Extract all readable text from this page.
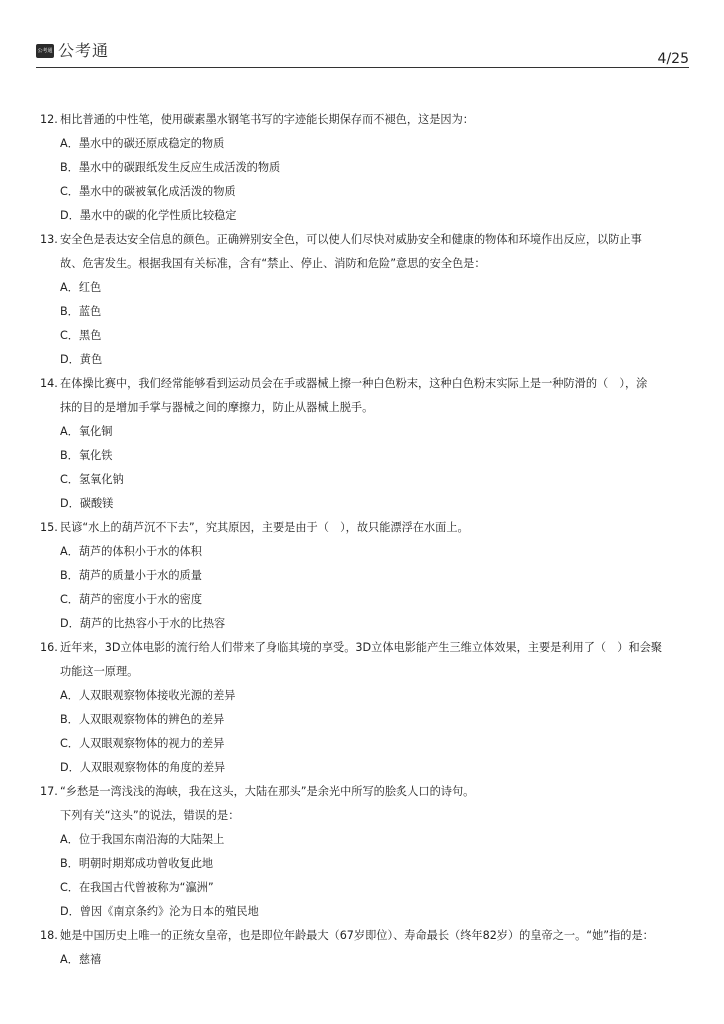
公考通 公考通	4/25
12. 相比普通的中性笔，使用碳素墨水钢笔书写的字迹能长期保存而不褪色，这是因为：
A．墨水中的碳还原成稳定的物质
B．墨水中的碳跟纸发生反应生成活泼的物质
C．墨水中的碳被氧化成活泼的物质
D．墨水中的碳的化学性质比较稳定
13. 安全色是表达安全信息的颜色。正确辨别安全色，可以使人们尽快对威胁安全和健康的物体和环境作出反应，以防止事
故、危害发生。根据我国有关标准，含有“禁止、停止、消防和危险”意思的安全色是：
A．红色
B．蓝色
C．黑色
D．黄色
14. 在体操比赛中，我们经常能够看到运动员会在手或器械上擦一种白色粉末，这种白色粉末实际上是一种防滑的（　），涂
抹的目的是增加手掌与器械之间的摩擦力，防止从器械上脱手。
A．氧化铜
B．氧化铁
C．氢氧化钠
D．碳酸镁
15. 民谚“水上的葫芦沉不下去”，究其原因，主要是由于（　），故只能漂浮在水面上。
A．葫芦的体积小于水的体积
B．葫芦的质量小于水的质量
C．葫芦的密度小于水的密度
D．葫芦的比热容小于水的比热容
16. 近年来，3D立体电影的流行给人们带来了身临其境的享受。3D立体电影能产生三维立体效果，主要是利用了（　）和会聚
功能这一原理。
A．人双眼观察物体接收光源的差异
B．人双眼观察物体的辨色的差异
C．人双眼观察物体的视力的差异
D．人双眼观察物体的角度的差异
17. “乡愁是一湾浅浅的海峡，我在这头，大陆在那头”是余光中所写的脍炙人口的诗句。
下列有关“这头”的说法，错误的是：
A．位于我国东南沿海的大陆架上
B．明朝时期郑成功曾收复此地
C．在我国古代曾被称为“瀛洲”
D．曾因《南京条约》沦为日本的殖民地
18. 她是中国历史上唯一的正统女皇帝，也是即位年龄最大（67岁即位）、寿命最长（终年82岁）的皇帝之一。“她”指的是：
A．慈禧
